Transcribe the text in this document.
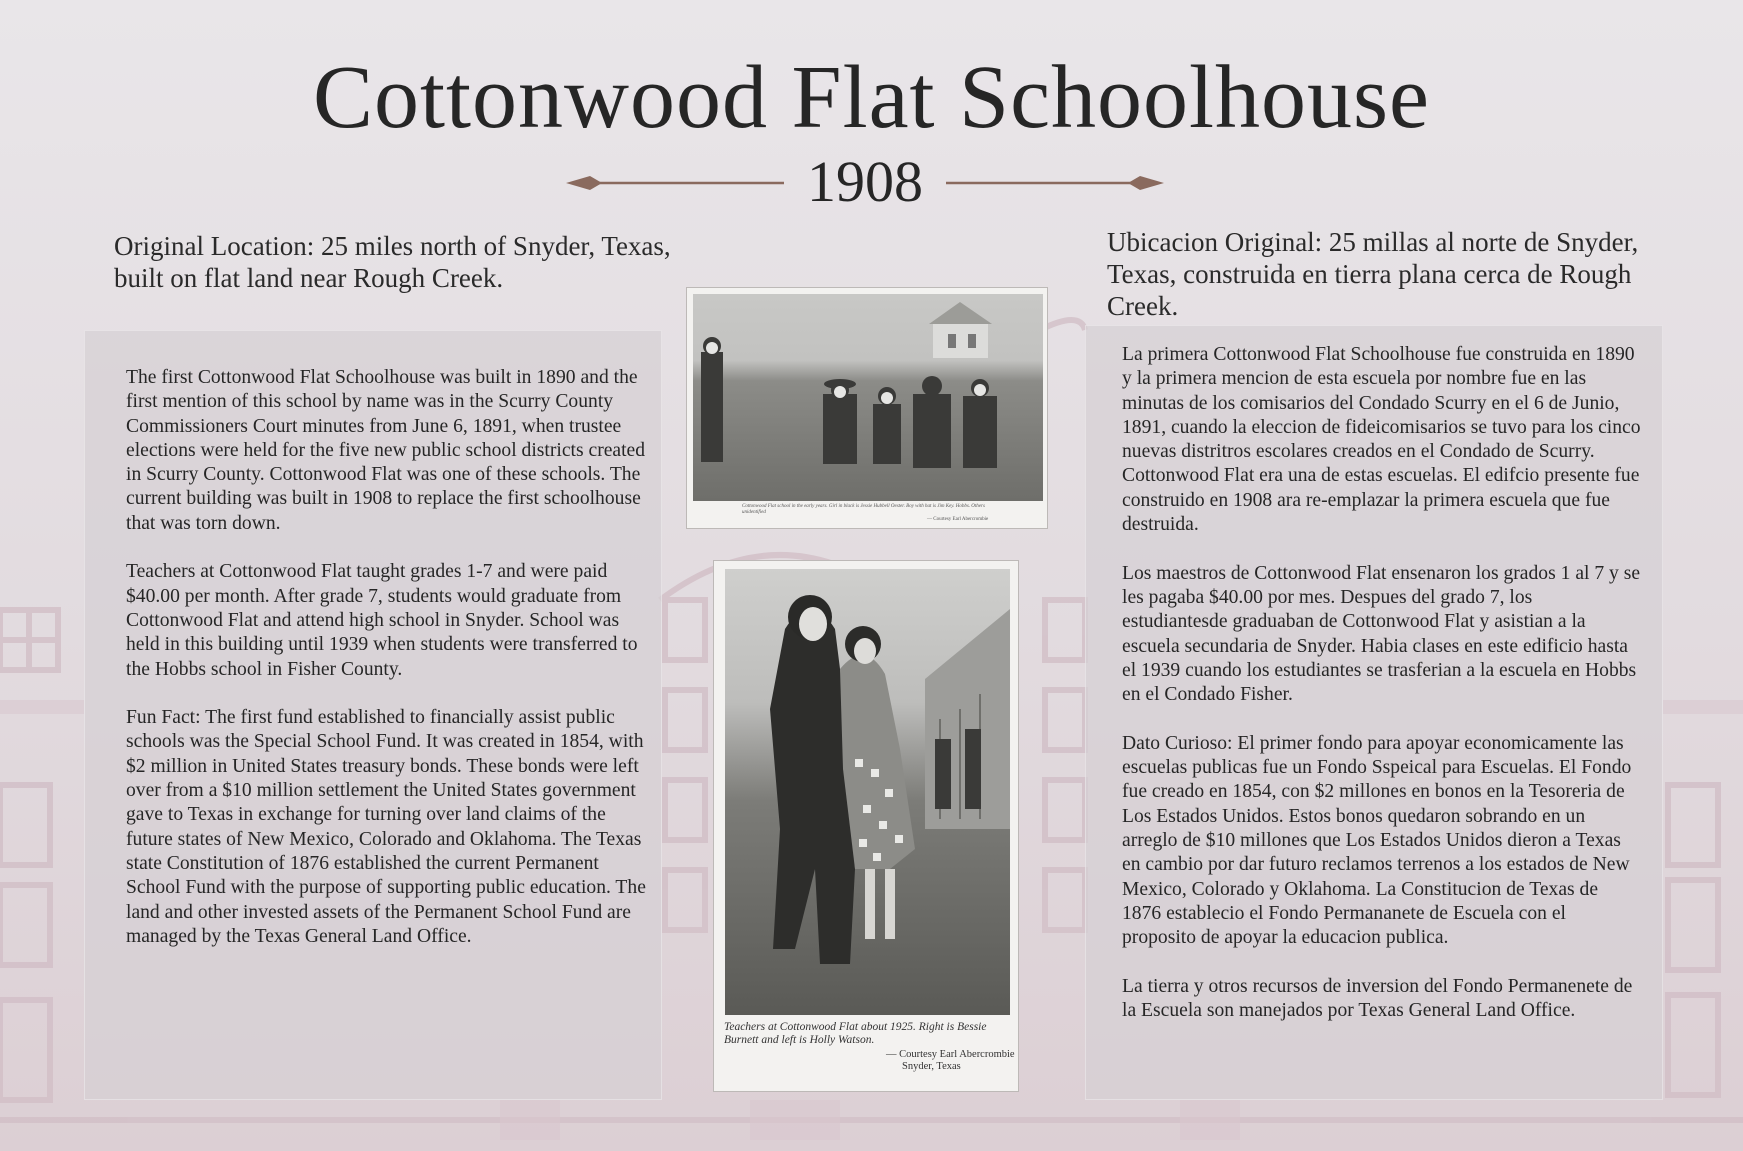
Cottonwood Flat Schoolhouse
1908
Original Location: 25 miles north of Snyder, Texas, built on flat land near Rough Creek.
Ubicacion Original: 25 millas al norte de Snyder, Texas, construida en tierra plana cerca de Rough Creek.

The first Cottonwood Flat Schoolhouse was built in 1890 and the first mention of this school by name was in the Scurry County Commissioners Court minutes from June 6, 1891, when trustee elections were held for the five new public school districts created in Scurry County. Cottonwood Flat was one of these schools. The current building was built in 1908 to replace the first schoolhouse that was torn down.

Teachers at Cottonwood Flat taught grades 1-7 and were paid $40.00 per month. After grade 7, students would graduate from Cottonwood Flat and attend high school in Snyder. School was held in this building until 1939 when students were transferred to the Hobbs school in Fisher County.

Fun Fact: The first fund established to financially assist public schools was the Special School Fund. It was created in 1854, with $2 million in United States treasury bonds. These bonds were left over from a $10 million settlement the United States government gave to Texas in exchange for turning over land claims of the future states of New Mexico, Colorado and Oklahoma. The Texas state Constitution of 1876 established the current Permanent School Fund with the purpose of supporting public education. The land and other invested assets of the Permanent School Fund are managed by the Texas General Land Office.

La primera Cottonwood Flat Schoolhouse fue construida en 1890 y la primera mencion de esta escuela por nombre fue en las minutas de los comisarios del Condado Scurry en el 6 de Junio, 1891, cuando la eleccion de fideicomisarios se tuvo para los cinco nuevas distritros escolares creados en el Condado de Scurry. Cottonwood Flat era una de estas escuelas. El edifcio presente fue construido en 1908 ara re-emplazar la primera escuela que fue destruida.

Los maestros de Cottonwood Flat ensenaron los grados 1 al 7 y se les pagaba $40.00 por mes. Despues del grado 7, los estudiantesde graduaban de Cottonwood Flat y asistian a la escuela secundaria de Snyder. Habia clases en este edificio hasta el 1939 cuando los estudiantes se trasferian a la escuela en Hobbs en el Condado Fisher.

Dato Curioso: El primer fondo para apoyar economicamente las escuelas publicas fue un Fondo Sspeical para Escuelas. El Fondo fue creado en 1854, con $2 millones en bonos en la Tesoreria de Los Estados Unidos. Estos bonos quedaron sobrando en un arreglo de $10 millones que Los Estados Unidos dieron a Texas en cambio por dar futuro reclamos terrenos a los estados de New Mexico, Colorado y Oklahoma. La Constitucion de Texas de 1876 establecio el Fondo Permananete de Escuela con el proposito de apoyar la educacion publica.

La tierra y otros recursos de inversion del Fondo Permanenete de la Escuela son manejados por Texas General Land Office.

Cottonwood Flat school in the early years. Girl in black is Jessie Hubbell Oester. Boy with hat is Jim Key. Hobbs. Others unidentified
— Courtesy Earl Abercrombie
Teachers at Cottonwood Flat about 1925. Right is Bessie Burnett and left is Holly Watson.
— Courtesy Earl Abercrombie
Snyder, Texas
